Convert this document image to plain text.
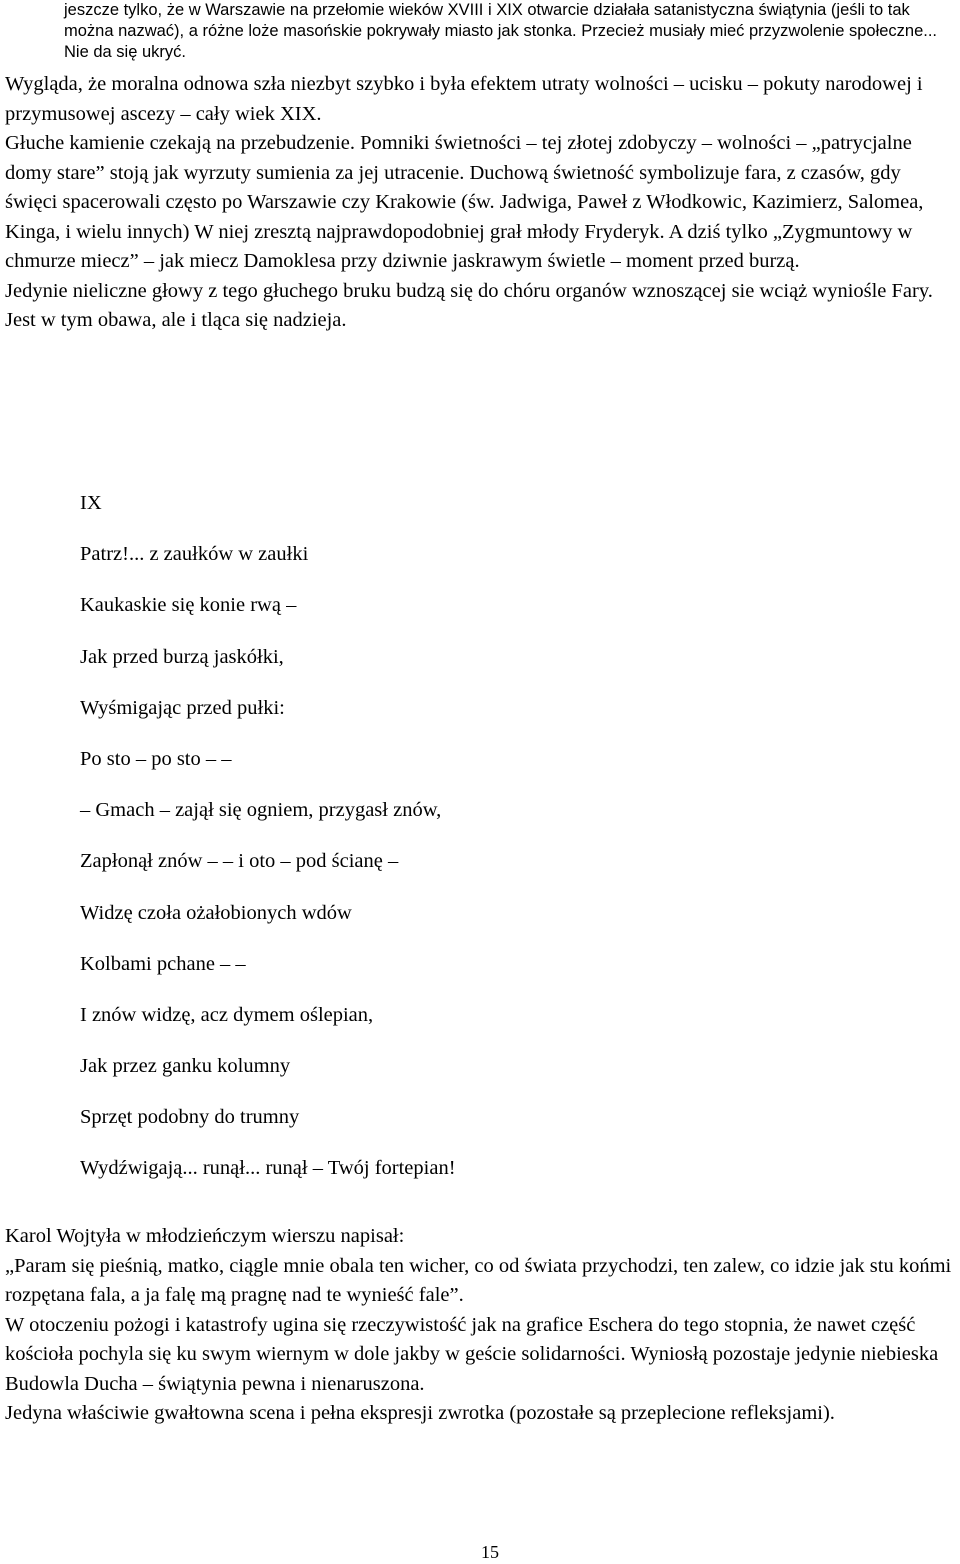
jeszcze tylko, że w Warszawie na przełomie wieków XVIII i XIX otwarcie działała satanistyczna świątynia (jeśli to tak można nazwać), a różne loże masońskie pokrywały miasto jak stonka. Przecież musiały mieć przyzwolenie społeczne... Nie da się ukryć.

Wygląda, że moralna odnowa szła niezbyt szybko i była efektem utraty wolności – ucisku – pokuty narodowej i przymusowej ascezy – cały wiek XIX.

Głuche kamienie czekają na przebudzenie. Pomniki świetności – tej złotej zdobyczy – wolności – „patrycjalne domy stare” stoją jak wyrzuty sumienia za jej utracenie. Duchową świetność symbolizuje fara, z czasów, gdy święci spacerowali często po Warszawie czy Krakowie (św. Jadwiga, Paweł z Włodkowic, Kazimierz, Salomea, Kinga, i wielu innych) W niej zresztą najprawdopodobniej grał młody Fryderyk. A dziś tylko „Zygmuntowy w chmurze miecz” – jak miecz Damoklesa przy dziwnie jaskrawym świetle – moment przed burzą.

Jedynie nieliczne głowy z tego głuchego bruku budzą się do chóru organów wznoszącej sie wciąż wyniośle Fary. Jest w tym obawa, ale i tląca się nadzieja.

IX
Patrz!... z zaułków w zaułki
Kaukaskie się konie rwą –
Jak przed burzą jaskółki,
Wyśmigając przed pułki:
Po sto – po sto – –
– Gmach – zajął się ogniem, przygasł znów,
Zapłonął znów – – i oto – pod ścianę –
Widzę czoła ożałobionych wdów
Kolbami pchane – –
I znów widzę, acz dymem oślepian,
Jak przez ganku kolumny
Sprzęt podobny do trumny
Wydźwigają... runął... runął – Twój fortepian!

Karol Wojtyła w młodzieńczym wierszu napisał:

„Param się pieśnią, matko, ciągle mnie obala ten wicher, co od świata przychodzi, ten zalew, co idzie jak stu końmi rozpętana fala, a ja falę mą pragnę nad te wynieść fale”.

W otoczeniu pożogi i katastrofy ugina się rzeczywistość jak na grafice Eschera do tego stopnia, że nawet część kościoła pochyla się ku swym wiernym w dole jakby w geście solidarności. Wyniosłą pozostaje jedynie niebieska Budowla Ducha – świątynia pewna i nienaruszona.

Jedyna właściwie gwałtowna scena i pełna ekspresji zwrotka (pozostałe są przeplecione refleksjami).

15
